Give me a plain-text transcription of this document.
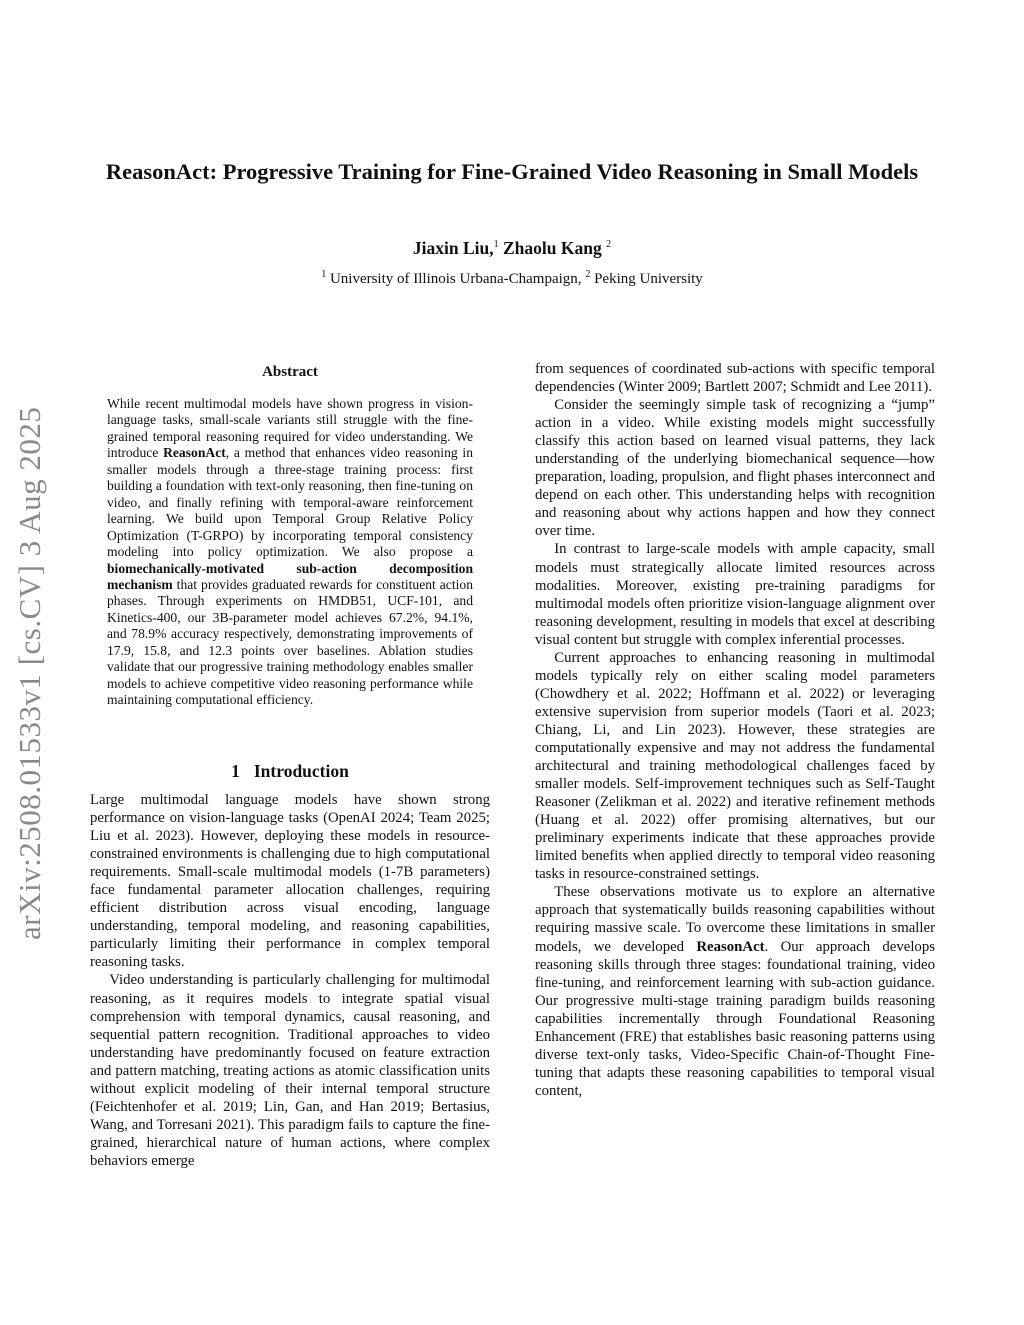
arXiv:2508.01533v1 [cs.CV] 3 Aug 2025
ReasonAct: Progressive Training for Fine-Grained Video Reasoning in Small Models
Jiaxin Liu,$^1$ Zhaolu Kang $^2$
$^1$ University of Illinois Urbana-Champaign, $^2$ Peking University
Abstract
While recent multimodal models have shown progress in vision-language tasks, small-scale variants still struggle with the fine-grained temporal reasoning required for video understanding. We introduce ReasonAct, a method that enhances video reasoning in smaller models through a three-stage training process: first building a foundation with text-only reasoning, then fine-tuning on video, and finally refining with temporal-aware reinforcement learning. We build upon Temporal Group Relative Policy Optimization (T-GRPO) by incorporating temporal consistency modeling into policy optimization. We also propose a biomechanically-motivated sub-action decomposition mechanism that provides graduated rewards for constituent action phases. Through experiments on HMDB51, UCF-101, and Kinetics-400, our 3B-parameter model achieves 67.2%, 94.1%, and 78.9% accuracy respectively, demonstrating improvements of 17.9, 15.8, and 12.3 points over baselines. Ablation studies validate that our progressive training methodology enables smaller models to achieve competitive video reasoning performance while maintaining computational efficiency.
1 Introduction

Large multimodal language models have shown strong performance on vision-language tasks (OpenAI 2024; Team 2025; Liu et al. 2023). However, deploying these models in resource-constrained environments is challenging due to high computational requirements. Small-scale multimodal models (1-7B parameters) face fundamental parameter allocation challenges, requiring efficient distribution across visual encoding, language understanding, temporal modeling, and reasoning capabilities, particularly limiting their performance in complex temporal reasoning tasks.

Video understanding is particularly challenging for multimodal reasoning, as it requires models to integrate spatial visual comprehension with temporal dynamics, causal reasoning, and sequential pattern recognition. Traditional approaches to video understanding have predominantly focused on feature extraction and pattern matching, treating actions as atomic classification units without explicit modeling of their internal temporal structure (Feichtenhofer et al. 2019; Lin, Gan, and Han 2019; Bertasius, Wang, and Torresani 2021). This paradigm fails to capture the fine-grained, hierarchical nature of human actions, where complex behaviors emerge

from sequences of coordinated sub-actions with specific temporal dependencies (Winter 2009; Bartlett 2007; Schmidt and Lee 2011).

Consider the seemingly simple task of recognizing a “jump” action in a video. While existing models might successfully classify this action based on learned visual patterns, they lack understanding of the underlying biomechanical sequence—how preparation, loading, propulsion, and flight phases interconnect and depend on each other. This understanding helps with recognition and reasoning about why actions happen and how they connect over time.

In contrast to large-scale models with ample capacity, small models must strategically allocate limited resources across modalities. Moreover, existing pre-training paradigms for multimodal models often prioritize vision-language alignment over reasoning development, resulting in models that excel at describing visual content but struggle with complex inferential processes.

Current approaches to enhancing reasoning in multimodal models typically rely on either scaling model parameters (Chowdhery et al. 2022; Hoffmann et al. 2022) or leveraging extensive supervision from superior models (Taori et al. 2023; Chiang, Li, and Lin 2023). However, these strategies are computationally expensive and may not address the fundamental architectural and training methodological challenges faced by smaller models. Self-improvement techniques such as Self-Taught Reasoner (Zelikman et al. 2022) and iterative refinement methods (Huang et al. 2022) offer promising alternatives, but our preliminary experiments indicate that these approaches provide limited benefits when applied directly to temporal video reasoning tasks in resource-constrained settings.

These observations motivate us to explore an alternative approach that systematically builds reasoning capabilities without requiring massive scale. To overcome these limitations in smaller models, we developed ReasonAct. Our approach develops reasoning skills through three stages: foundational training, video fine-tuning, and reinforcement learning with sub-action guidance. Our progressive multi-stage training paradigm builds reasoning capabilities incrementally through Foundational Reasoning Enhancement (FRE) that establishes basic reasoning patterns using diverse text-only tasks, Video-Specific Chain-of-Thought Fine-tuning that adapts these reasoning capabilities to temporal visual content,
